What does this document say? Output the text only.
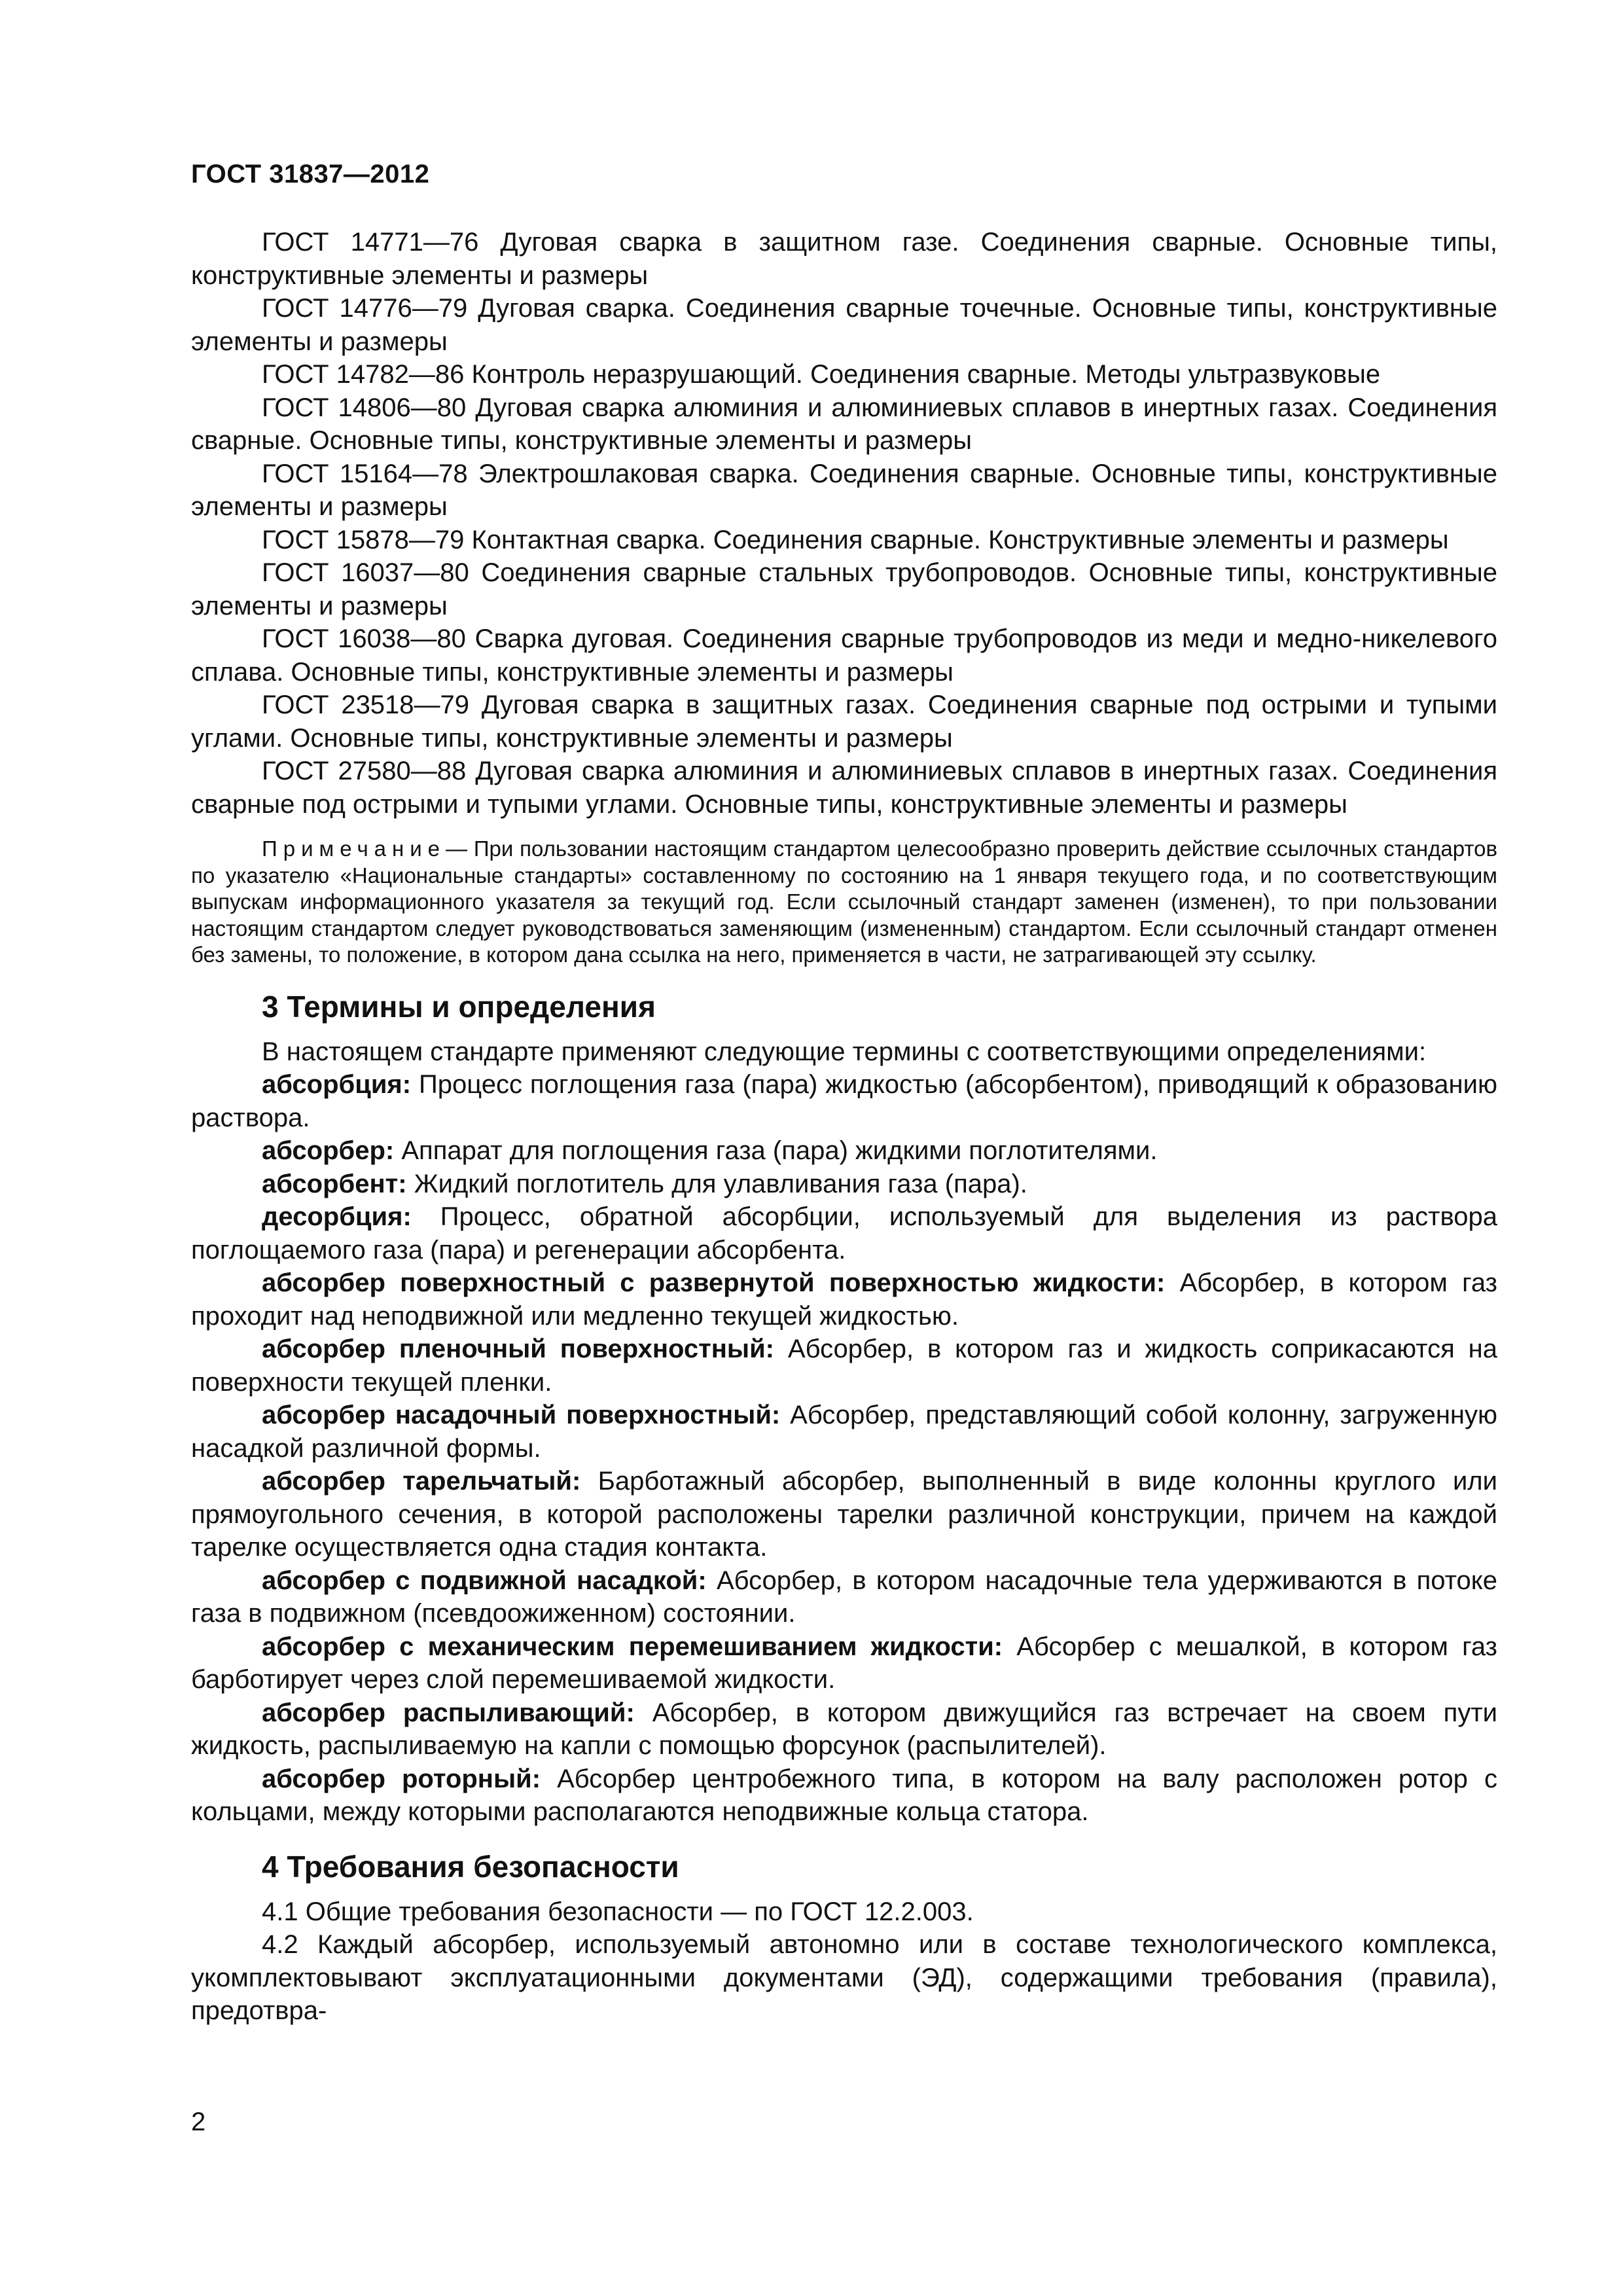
ГОСТ 31837—2012

ГОСТ 14771—76 Дуговая сварка в защитном газе. Соединения сварные. Основные типы, конструктивные элементы и размеры

ГОСТ 14776—79 Дуговая сварка. Соединения сварные точечные. Основные типы, конструктивные элементы и размеры

ГОСТ 14782—86 Контроль неразрушающий. Соединения сварные. Методы ультразвуковые

ГОСТ 14806—80 Дуговая сварка алюминия и алюминиевых сплавов в инертных газах. Соединения сварные. Основные типы, конструктивные элементы и размеры

ГОСТ 15164—78 Электрошлаковая сварка. Соединения сварные. Основные типы, конструктивные элементы и размеры

ГОСТ 15878—79 Контактная сварка. Соединения сварные. Конструктивные элементы и размеры

ГОСТ 16037—80 Соединения сварные стальных трубопроводов. Основные типы, конструктивные элементы и размеры

ГОСТ 16038—80 Сварка дуговая. Соединения сварные трубопроводов из меди и медно-никелевого сплава. Основные типы, конструктивные элементы и размеры

ГОСТ 23518—79 Дуговая сварка в защитных газах. Соединения сварные под острыми и тупыми углами. Основные типы, конструктивные элементы и размеры

ГОСТ 27580—88 Дуговая сварка алюминия и алюминиевых сплавов в инертных газах. Соединения сварные под острыми и тупыми углами. Основные типы, конструктивные элементы и размеры

Примечание— При пользовании настоящим стандартом целесообразно проверить действие ссылочных стандартов по указателю «Национальные стандарты» составленному по состоянию на 1 января текущего года, и по соответствующим выпускам информационного указателя за текущий год. Если ссылочный стандарт заменен (изменен), то при пользовании настоящим стандартом следует руководствоваться заменяющим (измененным) стандартом. Если ссылочный стандарт отменен без замены, то положение, в котором дана ссылка на него, применяется в части, не затрагивающей эту ссылку.

3 Термины и определения

В настоящем стандарте применяют следующие термины с соответствующими определениями:

абсорбция: Процесс поглощения газа (пара) жидкостью (абсорбентом), приводящий к образованию раствора.

абсорбер: Аппарат для поглощения газа (пара) жидкими поглотителями.

абсорбент: Жидкий поглотитель для улавливания газа (пара).

десорбция: Процесс, обратной абсорбции, используемый для выделения из раствора поглощаемого газа (пара) и регенерации абсорбента.

абсорбер поверхностный с развернутой поверхностью жидкости: Абсорбер, в котором газ проходит над неподвижной или медленно текущей жидкостью.

абсорбер пленочный поверхностный: Абсорбер, в котором газ и жидкость соприкасаются на поверхности текущей пленки.

абсорбер насадочный поверхностный: Абсорбер, представляющий собой колонну, загруженную насадкой различной формы.

абсорбер тарельчатый: Барботажный абсорбер, выполненный в виде колонны круглого или прямоугольного сечения, в которой расположены тарелки различной конструкции, причем на каждой тарелке осуществляется одна стадия контакта.

абсорбер с подвижной насадкой: Абсорбер, в котором насадочные тела удерживаются в потоке газа в подвижном (псевдоожиженном) состоянии.

абсорбер с механическим перемешиванием жидкости: Абсорбер с мешалкой, в котором газ барботирует через слой перемешиваемой жидкости.

абсорбер распыливающий: Абсорбер, в котором движущийся газ встречает на своем пути жидкость, распыливаемую на капли с помощью форсунок (распылителей).

абсорбер роторный: Абсорбер центробежного типа, в котором на валу расположен ротор с кольцами, между которыми располагаются неподвижные кольца статора.

4 Требования безопасности

4.1 Общие требования безопасности — по ГОСТ 12.2.003.

4.2 Каждый абсорбер, используемый автономно или в составе технологического комплекса, укомплектовывают эксплуатационными документами (ЭД), содержащими требования (правила), предотвра-

2
